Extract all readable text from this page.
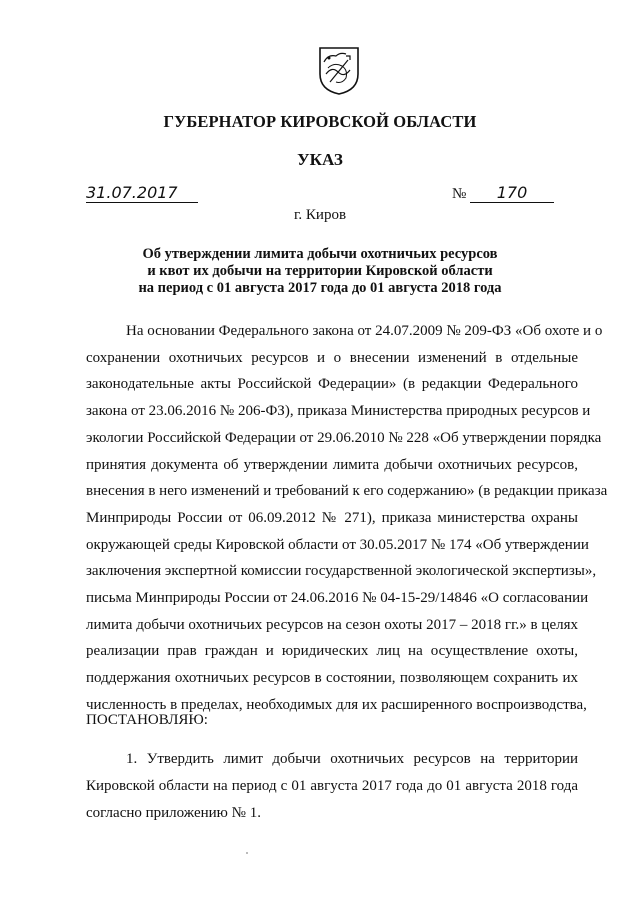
ГУБЕРНАТОР КИРОВСКОЙ ОБЛАСТИ
УКАЗ
31.07.2017	№	170
г. Киров
Об утверждении лимита добычи охотничьих ресурсов
и квот их добычи на территории Кировской области
на период с 01 августа 2017 года до 01 августа 2018 года
На основании Федерального закона от 24.07.2009 № 209-ФЗ «Об охоте и о
сохранении охотничьих ресурсов и о внесении изменений в отдельные
законодательные акты Российской Федерации» (в редакции Федерального
закона от 23.06.2016 № 206-ФЗ), приказа Министерства природных ресурсов и
экологии Российской Федерации от 29.06.2010 № 228 «Об утверждении порядка
принятия документа об утверждении лимита добычи охотничьих ресурсов,
внесения в него изменений и требований к его содержанию» (в редакции приказа
Минприроды России от 06.09.2012 № 271), приказа министерства охраны
окружающей среды Кировской области от 30.05.2017 № 174 «Об утверждении
заключения экспертной комиссии государственной экологической экспертизы»,
письма Минприроды России от 24.06.2016 № 04-15-29/14846 «О согласовании
лимита добычи охотничьих ресурсов на сезон охоты 2017 – 2018 гг.» в целях
реализации прав граждан и юридических лиц на осуществление охоты,
поддержания охотничьих ресурсов в состоянии, позволяющем сохранить их
численность в пределах, необходимых для их расширенного воспроизводства,
ПОСТАНОВЛЯЮ:
1. Утвердить лимит добычи охотничьих ресурсов на территории
Кировской области на период с 01 августа 2017 года до 01 августа 2018 года
согласно приложению № 1.
